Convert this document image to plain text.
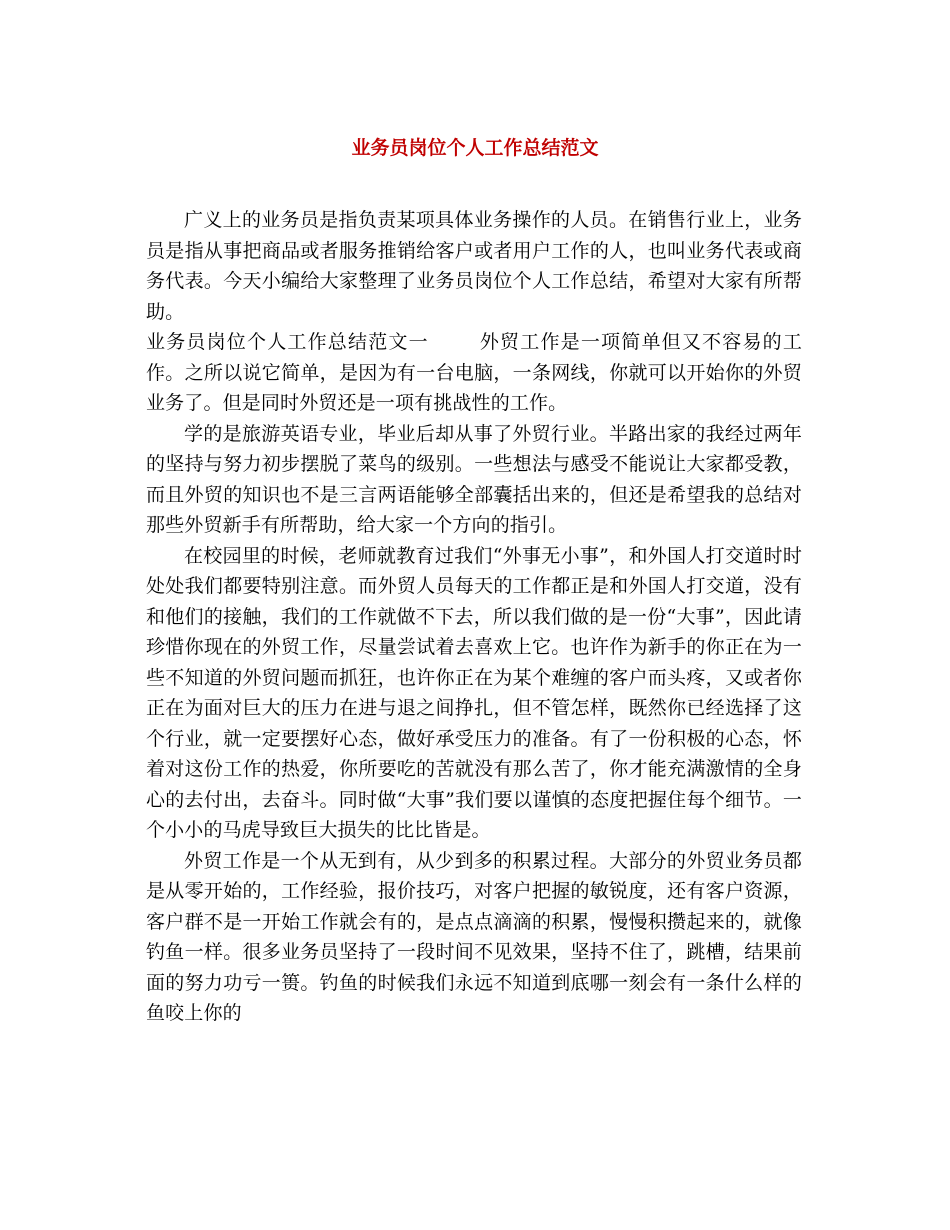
业务员岗位个人工作总结范文

广义上的业务员是指负责某项具体业务操作的人员。在销售行业上，业务员是指从事把商品或者服务推销给客户或者用户工作的人，也叫业务代表或商务代表。今天小编给大家整理了业务员岗位个人工作总结，希望对大家有所帮助。

业务员岗位个人工作总结范文一	外贸工作是一项简单但又不容易的工作。之所以说它简单，是因为有一台电脑，一条网线，你就可以开始你的外贸业务了。但是同时外贸还是一项有挑战性的工作。

学的是旅游英语专业，毕业后却从事了外贸行业。半路出家的我经过两年的坚持与努力初步摆脱了菜鸟的级别。一些想法与感受不能说让大家都受教，而且外贸的知识也不是三言两语能够全部囊括出来的，但还是希望我的总结对那些外贸新手有所帮助，给大家一个方向的指引。

在校园里的时候，老师就教育过我们“外事无小事”，和外国人打交道时时处处我们都要特别注意。而外贸人员每天的工作都正是和外国人打交道，没有和他们的接触，我们的工作就做不下去，所以我们做的是一份“大事”，因此请珍惜你现在的外贸工作，尽量尝试着去喜欢上它。也许作为新手的你正在为一些不知道的外贸问题而抓狂，也许你正在为某个难缠的客户而头疼，又或者你正在为面对巨大的压力在进与退之间挣扎，但不管怎样，既然你已经选择了这个行业，就一定要摆好心态，做好承受压力的准备。有了一份积极的心态，怀着对这份工作的热爱，你所要吃的苦就没有那么苦了，你才能充满激情的全身心的去付出，去奋斗。同时做“大事”我们要以谨慎的态度把握住每个细节。一个小小的马虎导致巨大损失的比比皆是。

外贸工作是一个从无到有，从少到多的积累过程。大部分的外贸业务员都是从零开始的，工作经验，报价技巧，对客户把握的敏锐度，还有客户资源，客户群不是一开始工作就会有的，是点点滴滴的积累，慢慢积攒起来的，就像钓鱼一样。很多业务员坚持了一段时间不见效果，坚持不住了，跳槽，结果前面的努力功亏一篑。钓鱼的时候我们永远不知道到底哪一刻会有一条什么样的鱼咬上你的
